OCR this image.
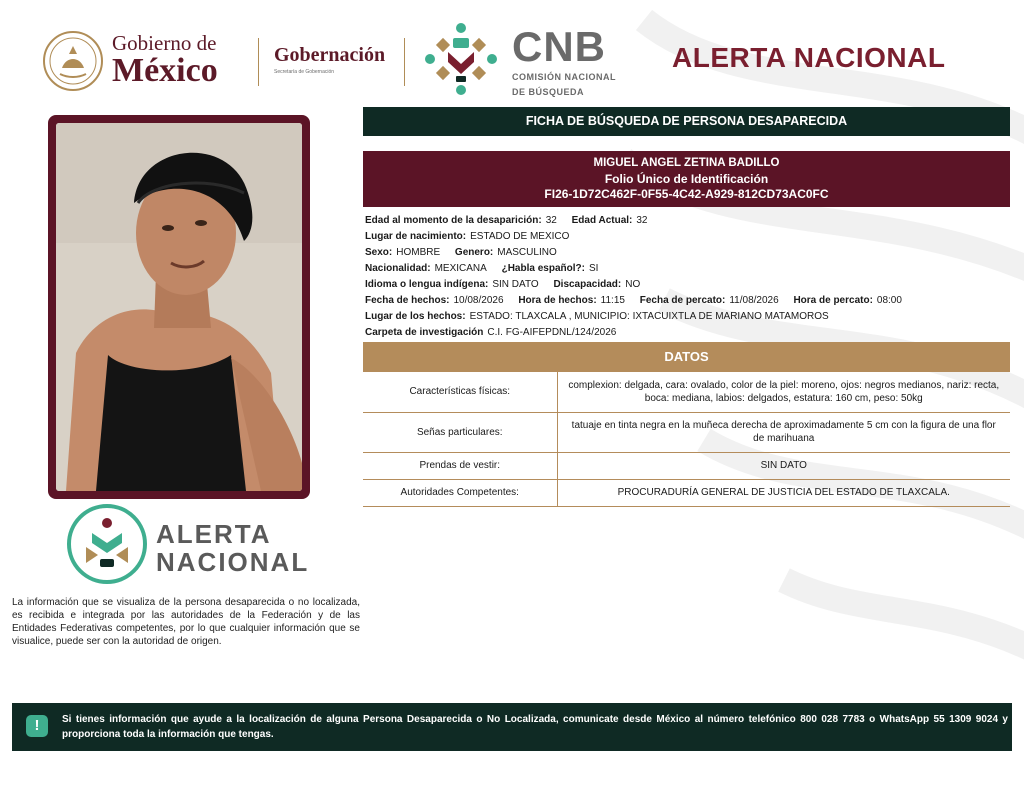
Gobierno de
México	Gobernación
Secretaría de Gobernación
CNB
COMISIÓN NACIONAL
DE BÚSQUEDA
ALERTA NACIONAL
ALERTA
NACIONAL
La información que se visualiza de la persona desaparecida o no localizada, es recibida e integrada por las autoridades de la Federación y de las Entidades Federativas competentes, por lo que cualquier información que se visualice, puede ser con la autoridad de origen.
FICHA DE BÚSQUEDA DE PERSONA DESAPARECIDA
MIGUEL ANGEL ZETINA BADILLO
Folio Único de Identificación
FI26-1D72C462F-0F55-4C42-A929-812CD73AC0FC
Edad al momento de la desaparición: 32 Edad Actual: 32
Lugar de nacimiento: ESTADO DE MEXICO
Sexo: HOMBRE Genero: MASCULINO
Nacionalidad: MEXICANA ¿Habla español?: SI
Idioma o lengua indígena: SIN DATO Discapacidad: NO
Fecha de hechos: 10/08/2026 Hora de hechos: 11:15 Fecha de percato: 11/08/2026 Hora de percato: 08:00
Lugar de los hechos: ESTADO: TLAXCALA , MUNICIPIO: IXTACUIXTLA DE MARIANO MATAMOROS
Carpeta de investigación C.I. FG-AIFEPDNL/124/2026
DATOS
Características físicas:	complexion: delgada, cara: ovalado, color de la piel: moreno, ojos: negros medianos, nariz: recta, boca: mediana, labios: delgados, estatura: 160 cm, peso: 50kg
Señas particulares:	tatuaje en tinta negra en la muñeca derecha de aproximadamente 5 cm con la figura de una flor de marihuana
Prendas de vestir:	SIN DATO
Autoridades Competentes:	PROCURADURÍA GENERAL DE JUSTICIA DEL ESTADO DE TLAXCALA.
!	Si tienes información que ayude a la localización de alguna Persona Desaparecida o No Localizada, comunicate desde México al número telefónico 800 028 7783 o WhatsApp 55 1309 9024 y proporciona toda la información que tengas.
